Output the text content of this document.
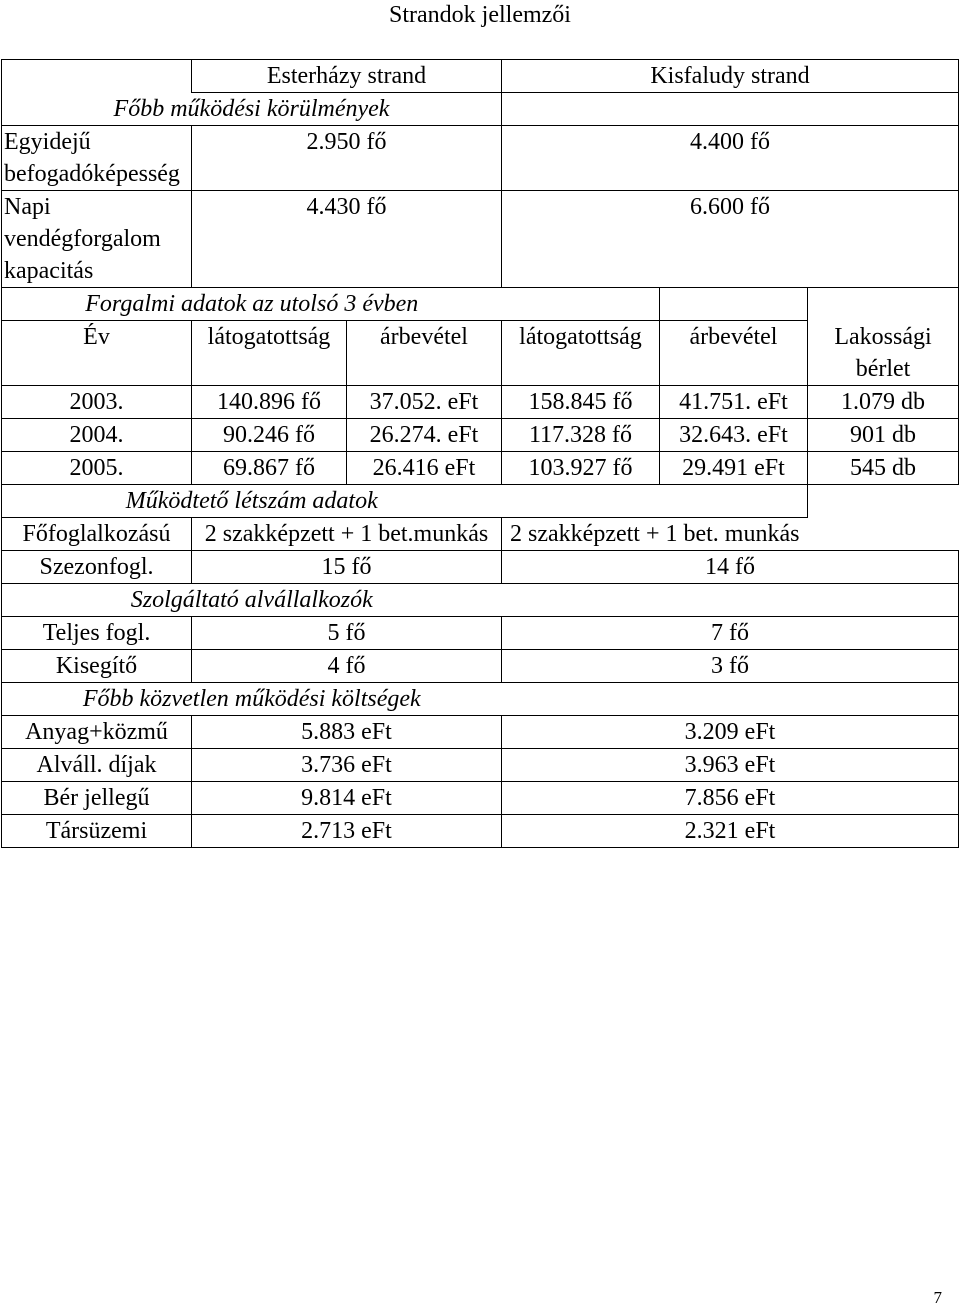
Strandok jellemzői
	Esterházy strand		Kisfaludy strand		
Főbb működési körülmények					
Egyidejű befogadóképesség	2.950 fő		4.400 fő		
Napi vendégforgalom kapacitás	4.430 fő		6.600 fő		
Forgalmi adatok az utolsó 3 évben					
Év	látogatottság	árbevétel	látogatottság	árbevétel	Lakossági bérlet
2003.	140.896 fő	37.052. eFt	158.845 fő	41.751. eFt	1.079 db
2004.	90.246 fő	26.274. eFt	117.328 fő	32.643. eFt	901 db
2005.	69.867 fő	26.416 eFt	103.927 fő	29.491 eFt	545 db
Működtető létszám adatok					
Főfoglalkozású	2 szakképzett + 1 bet.munkás		2 szakképzett + 1 bet. munkás		
Szezonfogl.	15 fő		14 fő		
Szolgáltató alvállalkozók					
Teljes fogl.	5 fő		7 fő		
Kisegítő	4 fő		3 fő		
Főbb közvetlen működési költségek					
Anyag+közmű	5.883 eFt		3.209 eFt		
Alváll. díjak	3.736 eFt		3.963 eFt		
Bér jellegű	9.814 eFt		7.856 eFt		
Társüzemi	2.713 eFt		2.321 eFt		
7
